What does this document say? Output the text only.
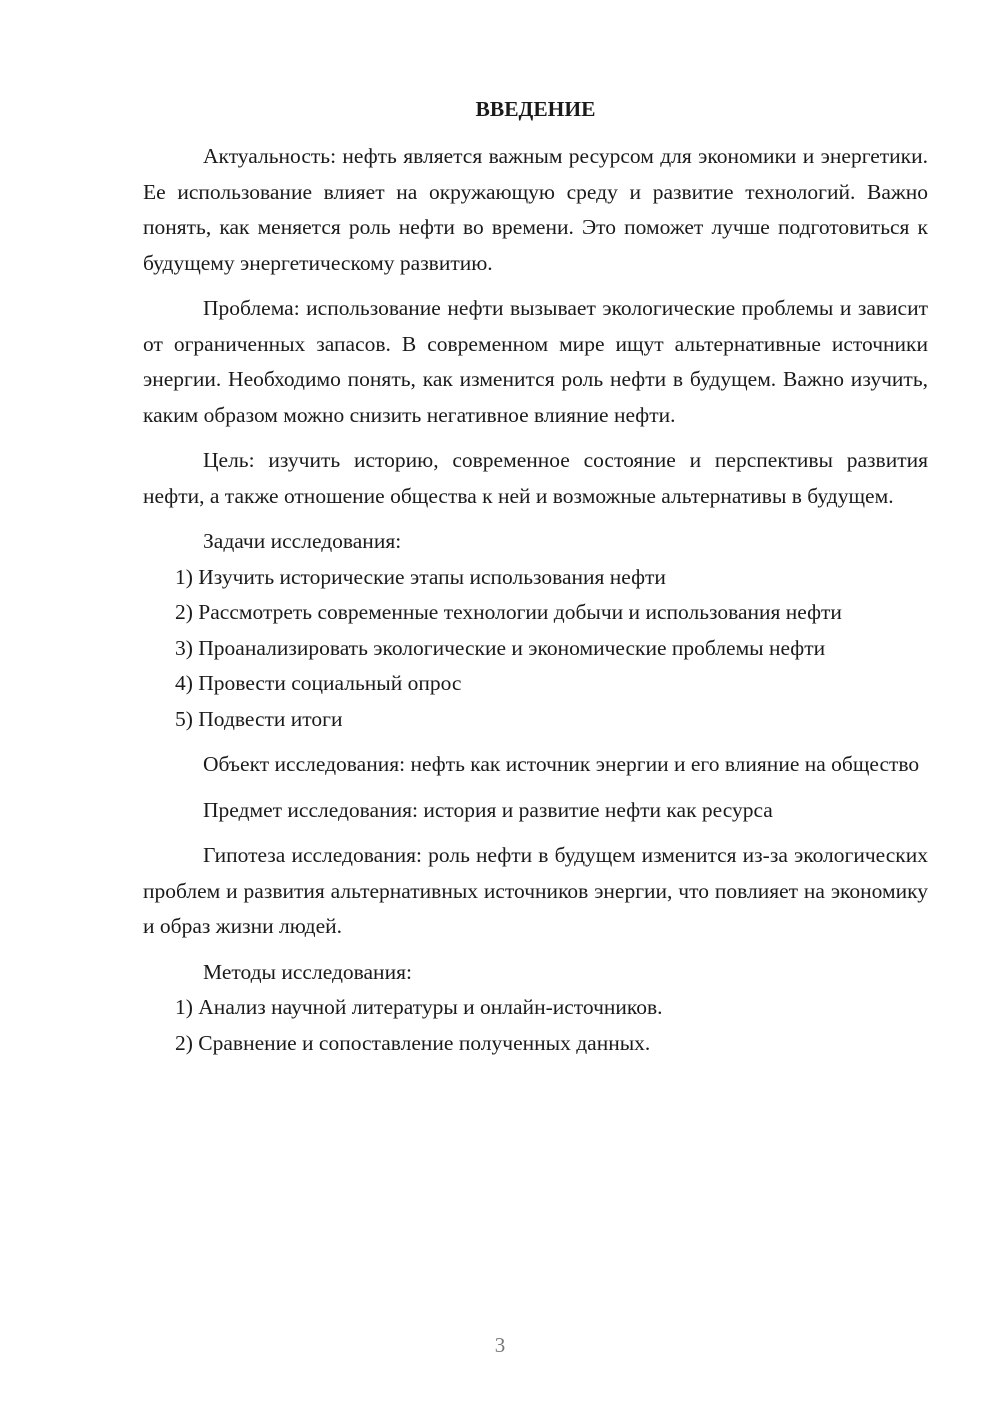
ВВЕДЕНИЕ

Актуальность: нефть является важным ресурсом для экономики и энергетики. Ее использование влияет на окружающую среду и развитие технологий. Важно понять, как меняется роль нефти во времени. Это поможет лучше подготовиться к будущему энергетическому развитию.

Проблема: использование нефти вызывает экологические проблемы и зависит от ограниченных запасов. В современном мире ищут альтернативные источники энергии. Необходимо понять, как изменится роль нефти в будущем. Важно изучить, каким образом можно снизить негативное влияние нефти.

Цель: изучить историю, современное состояние и перспективы развития нефти, а также отношение общества к ней и возможные альтернативы в будущем.

Задачи исследования:

1) Изучить исторические этапы использования нефти

2) Рассмотреть современные технологии добычи и использования нефти

3) Проанализировать экологические и экономические проблемы нефти

4) Провести социальный опрос

5) Подвести итоги

Объект исследования: нефть как источник энергии и его влияние на общество

Предмет исследования: история и развитие нефти как ресурса

Гипотеза исследования: роль нефти в будущем изменится из-за экологических проблем и развития альтернативных источников энергии, что повлияет на экономику и образ жизни людей.

Методы исследования:

1) Анализ научной литературы и онлайн-источников.

2) Сравнение и сопоставление полученных данных.

3
